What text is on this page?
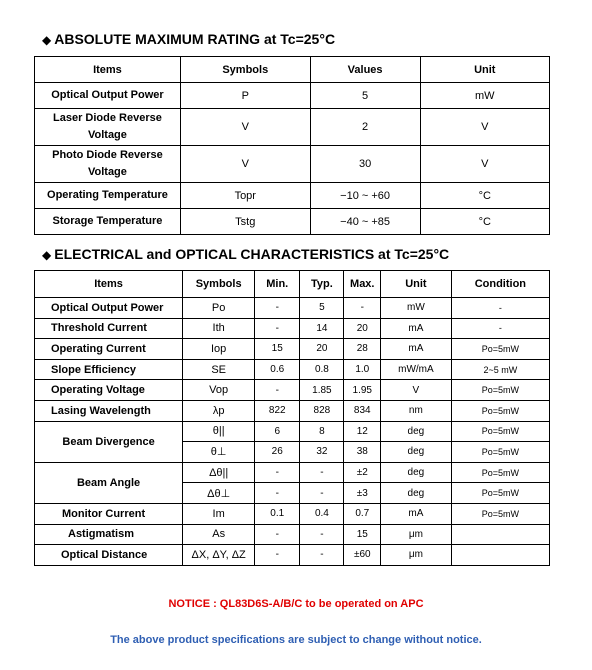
◆ ABSOLUTE MAXIMUM RATING at Tc=25°C
Items	Symbols	Values	Unit
Optical Output Power	P	5	mW
Laser Diode Reverse Voltage	V	2	V
Photo Diode Reverse Voltage	V	30	V
Operating Temperature	Topr	−10 ~ +60	°C
Storage Temperature	Tstg	−40 ~ +85	°C
◆ ELECTRICAL and OPTICAL CHARACTERISTICS at Tc=25°C
Items	Symbols	Min.	Typ.	Max.	Unit	Condition
Optical Output Power	Po	-	5	-	mW	-
Threshold Current	Ith	-	14	20	mA	-
Operating Current	Iop	15	20	28	mA	Po=5mW
Slope Efficiency	SE	0.6	0.8	1.0	mW/mA	2~5 mW
Operating Voltage	Vop	-	1.85	1.95	V	Po=5mW
Lasing Wavelength	λp	822	828	834	nm	Po=5mW
Beam Divergence	θ||	6	8	12	deg	Po=5mW
	θ⊥	26	32	38	deg	Po=5mW
Beam Angle	Δθ||	-	-	±2	deg	Po=5mW
	Δθ⊥	-	-	±3	deg	Po=5mW
Monitor Current	Im	0.1	0.4	0.7	mA	Po=5mW
Astigmatism	As	-	-	15	μm	
Optical Distance	ΔX, ΔY, ΔZ	-	-	±60	μm	
NOTICE : QL83D6S-A/B/C to be operated on APC
The above product specifications are subject to change without notice.
